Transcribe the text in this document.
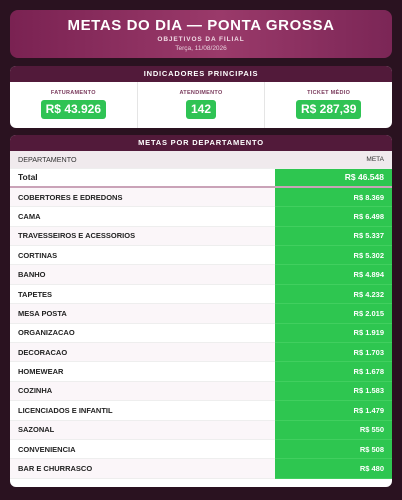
METAS DO DIA — PONTA GROSSA
OBJETIVOS DA FILIAL
Terça, 11/08/2026
INDICADORES PRINCIPAIS
FATURAMENTO
R$ 43.926
ATENDIMENTO
142
TICKET MÉDIO
R$ 287,39
METAS POR DEPARTAMENTO
DEPARTAMENTO	META
Total	R$ 46.548
COBERTORES E EDREDONS	R$ 8.369
CAMA	R$ 6.498
TRAVESSEIROS E ACESSORIOS	R$ 5.337
CORTINAS	R$ 5.302
BANHO	R$ 4.894
TAPETES	R$ 4.232
MESA POSTA	R$ 2.015
ORGANIZACAO	R$ 1.919
DECORACAO	R$ 1.703
HOMEWEAR	R$ 1.678
COZINHA	R$ 1.583
LICENCIADOS E INFANTIL	R$ 1.479
SAZONAL	R$ 550
CONVENIENCIA	R$ 508
BAR E CHURRASCO	R$ 480
